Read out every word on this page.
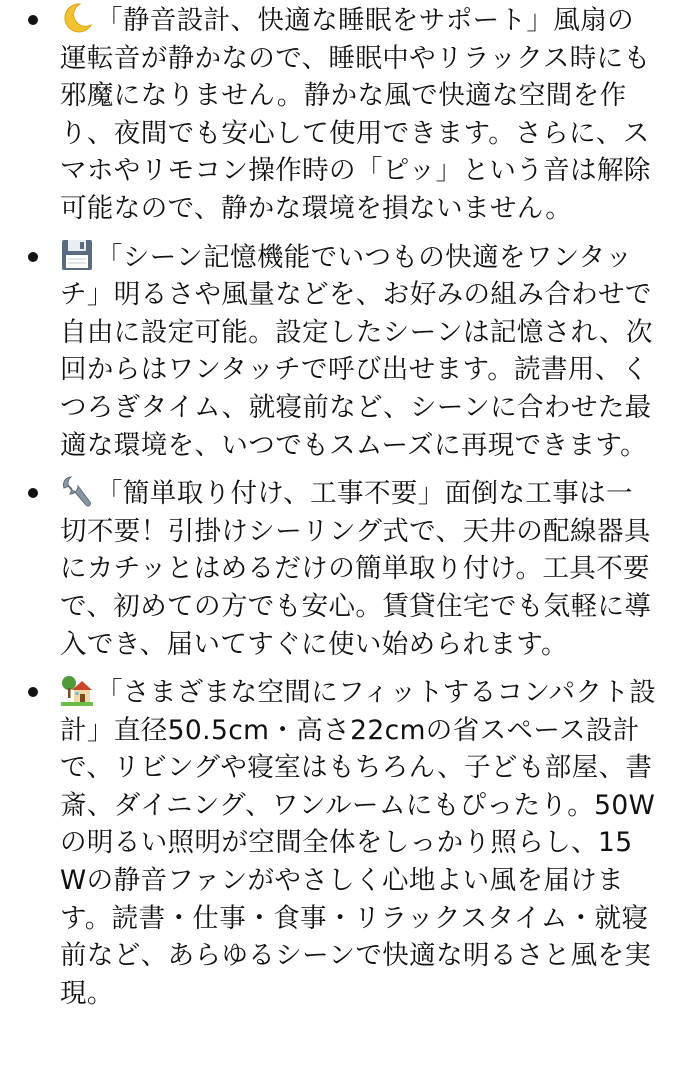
「静音設計、快適な睡眠をサポート」風扇の運転音が静かなので、睡眠中やリラックス時にも邪魔になりません。静かな風で快適な空間を作り、夜間でも安心して使用できます。さらに、スマホやリモコン操作時の「ピッ」という音は解除可能なので、静かな環境を損ないません。
「シーン記憶機能でいつもの快適をワンタッチ」明るさや風量などを、お好みの組み合わせで自由に設定可能。設定したシーンは記憶され、次回からはワンタッチで呼び出せます。読書用、くつろぎタイム、就寝前など、シーンに合わせた最適な環境を、いつでもスムーズに再現できます。
「簡単取り付け、工事不要」面倒な工事は一切不要！引掛けシーリング式で、天井の配線器具にカチッとはめるだけの簡単取り付け。工具不要で、初めての方でも安心。賃貸住宅でも気軽に導入でき、届いてすぐに使い始められます。
「さまざまな空間にフィットするコンパクト設計」直径50.5cm・高さ22cmの省スペース設計で、リビングや寝室はもちろん、子ども部屋、書斎、ダイニング、ワンルームにもぴったり。50Wの明るい照明が空間全体をしっかり照らし、15Wの静音ファンがやさしく心地よい風を届けます。読書・仕事・食事・リラックスタイム・就寝前など、あらゆるシーンで快適な明るさと風を実現。
